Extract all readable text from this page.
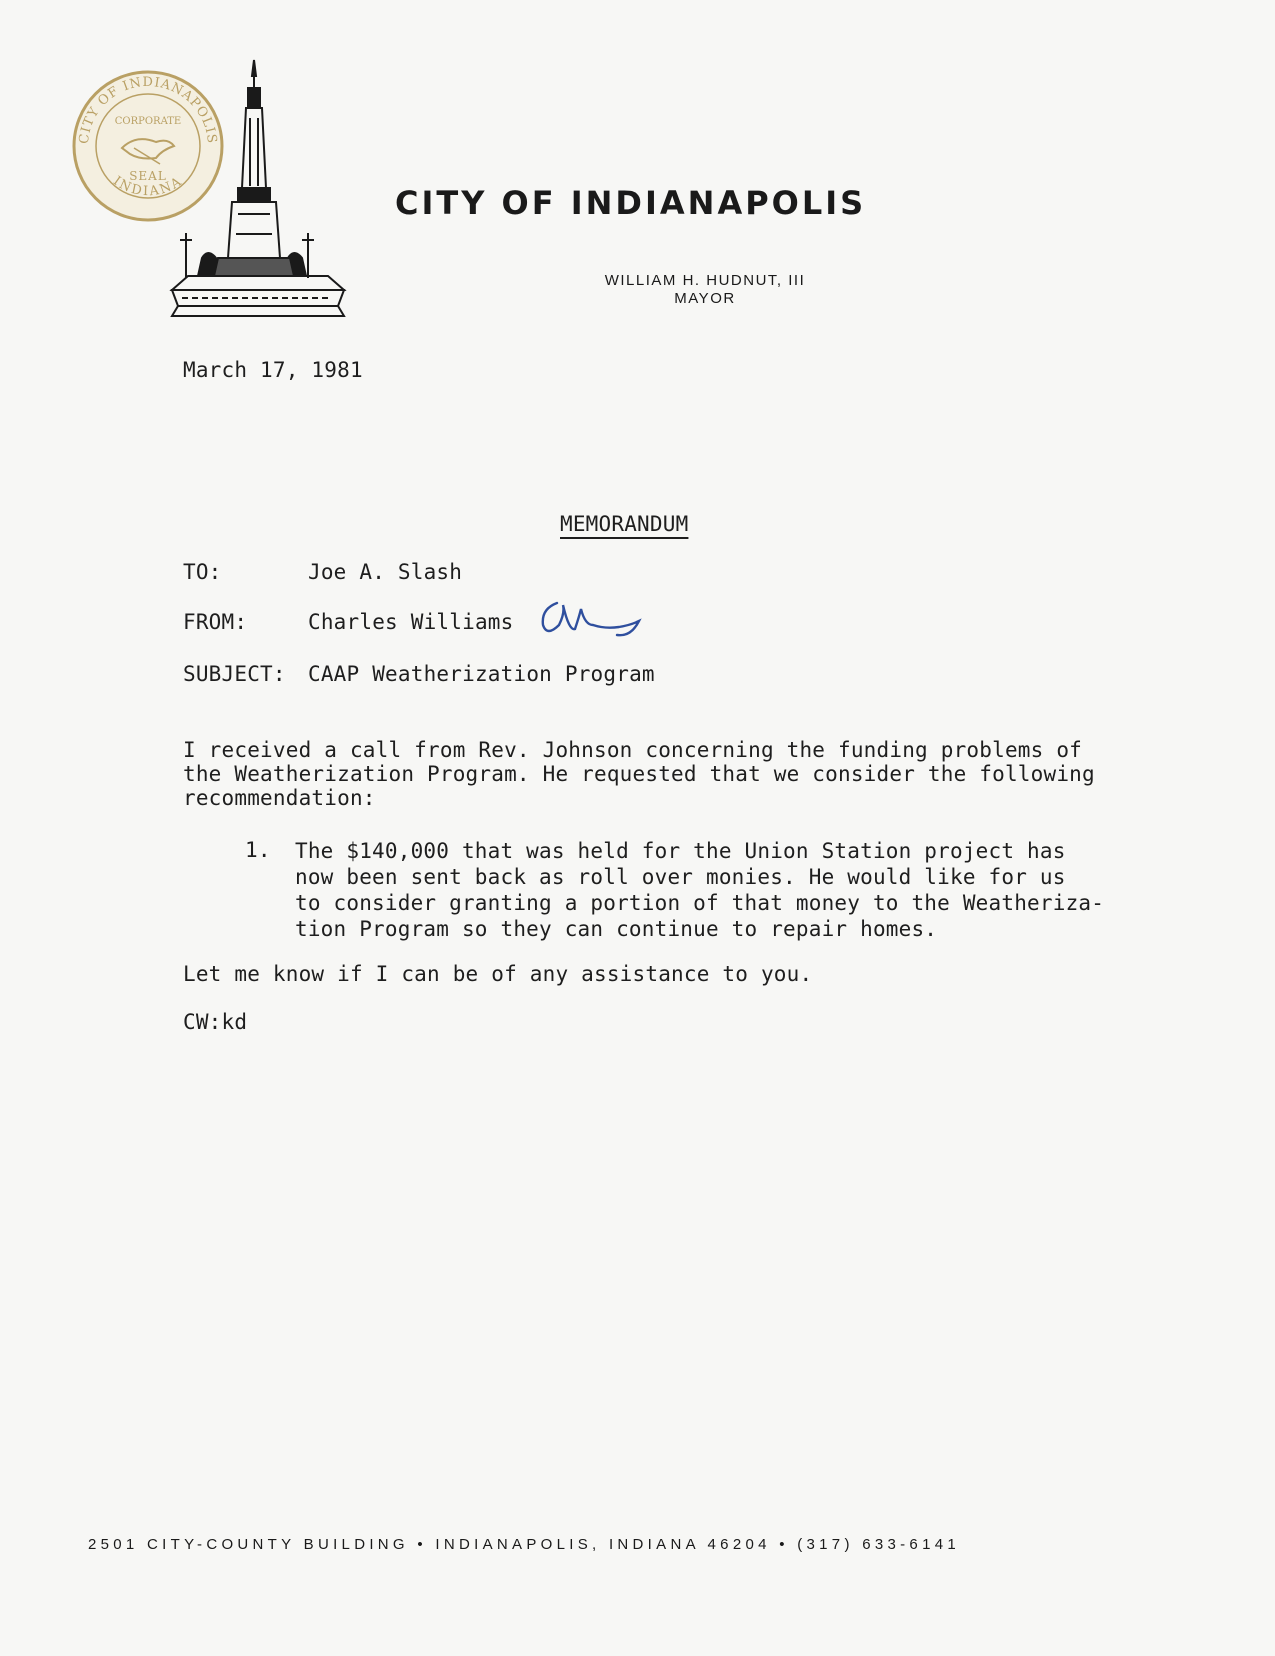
CITY OF INDIANAPOLIS
INDIANA
CORPORATE
SEAL
CITY OF INDIANAPOLIS
WILLIAM H. HUDNUT, III
MAYOR
March 17, 1981
MEMORANDUM
TO:	Joe A. Slash
FROM:	Charles Williams
SUBJECT: CAAP Weatherization Program
I received a call from Rev. Johnson concerning the funding problems of
the Weatherization Program. He requested that we consider the following
recommendation:
1. The $140,000 that was held for the Union Station project has
now been sent back as roll over monies. He would like for us
to consider granting a portion of that money to the Weatheriza-
tion Program so they can continue to repair homes.
Let me know if I can be of any assistance to you.
CW:kd
2501 CITY-COUNTY BUILDING • INDIANAPOLIS, INDIANA 46204 • (317) 633-6141
